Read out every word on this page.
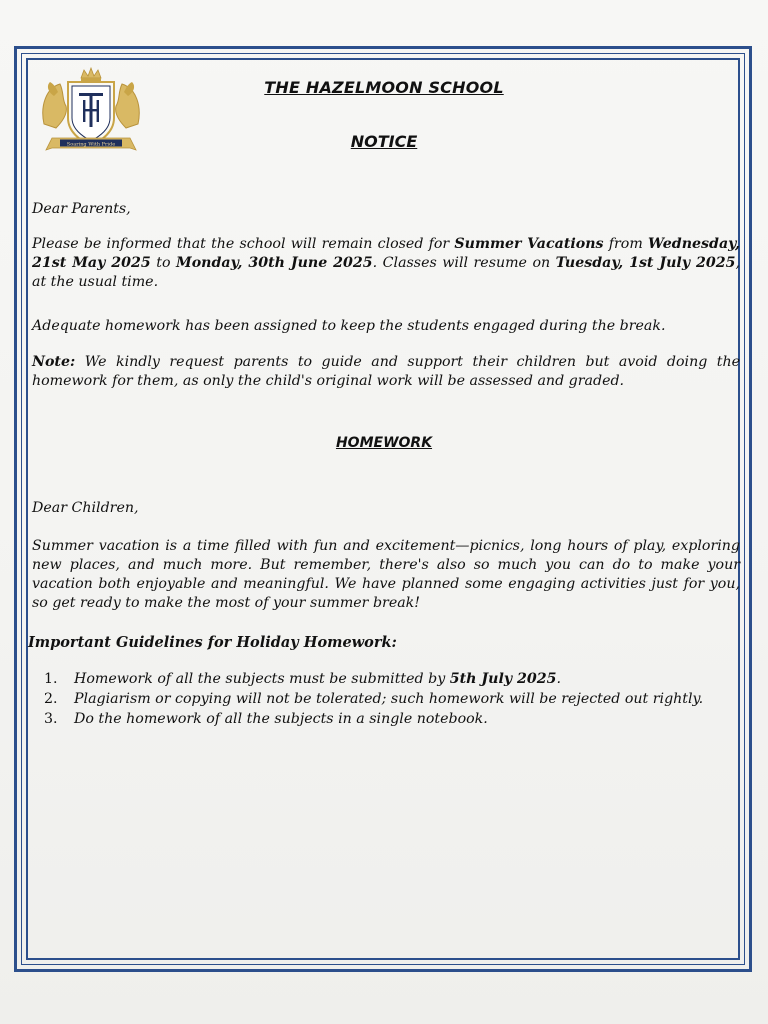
Soaring With Pride
THE HAZELMOON SCHOOL
NOTICE
Dear Parents,
Please be informed that the school will remain closed for Summer Vacations from Wednesday, 21st May 2025 to Monday, 30th June 2025. Classes will resume on Tuesday, 1st July 2025, at the usual time.
Adequate homework has been assigned to keep the students engaged during the break.
Note: We kindly request parents to guide and support their children but avoid doing the homework for them, as only the child's original work will be assessed and graded.
HOMEWORK
Dear Children,
Summer vacation is a time filled with fun and excitement—picnics, long hours of play, exploring new places, and much more. But remember, there's also so much you can do to make your vacation both enjoyable and meaningful. We have planned some engaging activities just for you, so get ready to make the most of your summer break!
Important Guidelines for Holiday Homework:
1.	Homework of all the subjects must be submitted by 5th July 2025.
2.	Plagiarism or copying will not be tolerated; such homework will be rejected out rightly.
3.	Do the homework of all the subjects in a single notebook.
